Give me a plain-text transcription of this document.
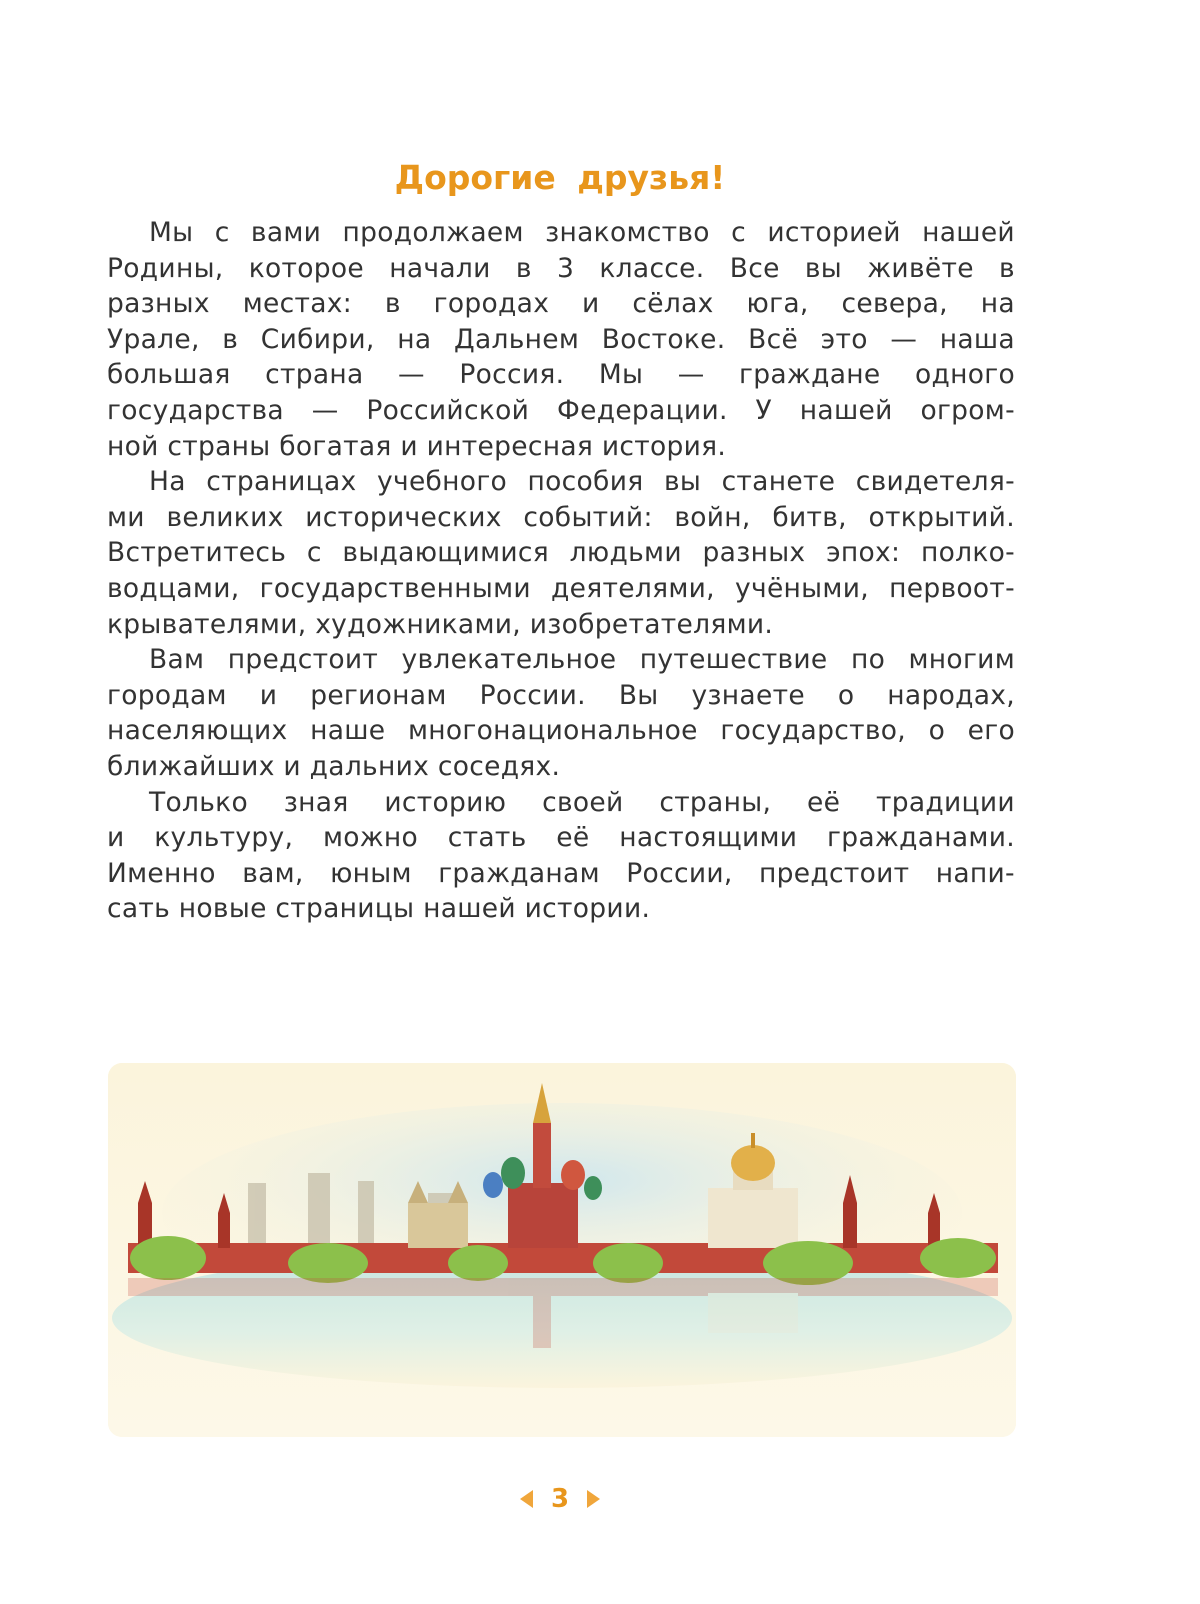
Дорогие друзья!
Мы с вами продолжаем знакомство с историей нашей
Родины, которое начали в 3 классе. Все вы живёте в
разных местах: в городах и сёлах юга, севера, на
Урале, в Сибири, на Дальнем Востоке. Всё это — наша
большая страна — Россия. Мы — граждане одного
государства — Российской Федерации. У нашей огром-
ной страны богатая и интересная история.
На страницах учебного пособия вы станете свидетеля-
ми великих исторических событий: войн, битв, открытий.
Встретитесь с выдающимися людьми разных эпох: полко-
водцами, государственными деятелями, учёными, первоот-
крывателями, художниками, изобретателями.
Вам предстоит увлекательное путешествие по многим
городам и регионам России. Вы узнаете о народах,
населяющих наше многонациональное государство, о его
ближайших и дальних соседях.
Только зная историю своей страны, её традиции
и культуру, можно стать её настоящими гражданами.
Именно вам, юным гражданам России, предстоит напи-
сать новые страницы нашей истории.
3
